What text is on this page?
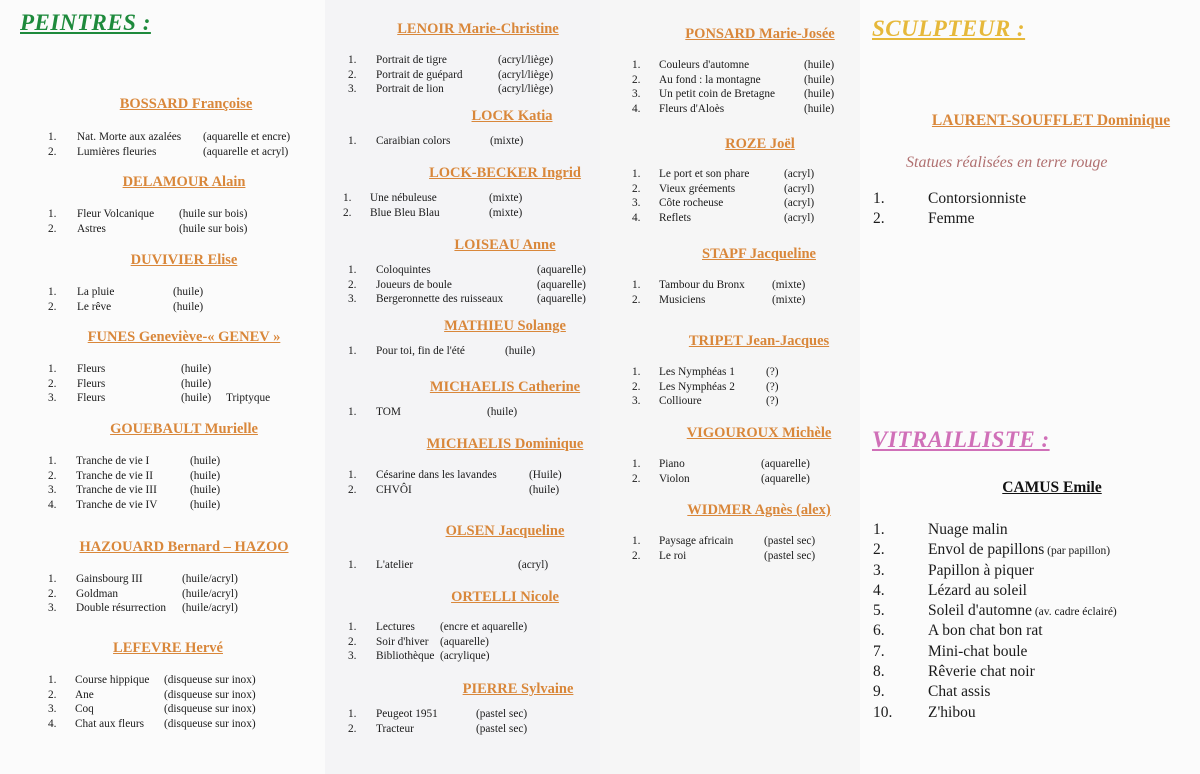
PEINTRES :	SCULPTEUR :
VITRAILLISTE :
BOSSARD Françoise
1. Nat. Morte aux azalées (aquarelle et encre)
2. Lumières fleuries	(aquarelle et acryl)
DELAMOUR Alain
1. Fleur Volcanique (huile sur bois)
2. Astres	(huile sur bois)
DUVIVIER Elise
1. La pluie	(huile)
2. Le rêve	(huile)
FUNES Geneviève-« GENEV »
1. Fleurs	(huile)
2. Fleurs	(huile)
3. Fleurs	(huile) Triptyque
GOUEBAULT Murielle
1. Tranche de vie I	(huile)
2. Tranche de vie II	(huile)
3. Tranche de vie III	(huile)
4. Tranche de vie IV	(huile)
HAZOUARD Bernard – HAZOO
1. Gainsbourg III	(huile/acryl)
2. Goldman	(huile/acryl)
3. Double résurrection (huile/acryl)
LEFEVRE Hervé
1. Course hippique (disqueuse sur inox)
2. Ane	(disqueuse sur inox)
3. Coq	(disqueuse sur inox)
4. Chat aux fleurs (disqueuse sur inox)
LENOIR Marie-Christine
1. Portrait de tigre	(acryl/liège)
2. Portrait de guépard	(acryl/liège)
3. Portrait de lion	(acryl/liège)
LOCK Katia
1. Caraibian colors	(mixte)
LOCK-BECKER Ingrid
1. Une nébuleuse	(mixte)
2. Blue Bleu Blau	(mixte)
LOISEAU Anne
1. Coloquintes	(aquarelle)
2. Joueurs de boule	(aquarelle)
3. Bergeronnette des ruisseaux	(aquarelle)
MATHIEU Solange
1. Pour toi, fin de l'été	(huile)
MICHAELIS Catherine
1. TOM	(huile)
MICHAELIS Dominique
1. Césarine dans les lavandes	(Huile)
2. CHVÔI	(huile)
OLSEN Jacqueline
1. L'atelier	(acryl)
ORTELLI Nicole
1. Lectures (encre et aquarelle)
2. Soir d'hiver (aquarelle)
3. Bibliothèque (acrylique)
PIERRE Sylvaine
1. Peugeot 1951	(pastel sec)
2. Tracteur	(pastel sec)
PONSARD Marie-Josée
1. Couleurs d'automne	(huile)
2. Au fond : la montagne	(huile)
3. Un petit coin de Bretagne	(huile)
4. Fleurs d'Aloès	(huile)
ROZE Joël
1. Le port et son phare	(acryl)
2. Vieux gréements	(acryl)
3. Côte rocheuse	(acryl)
4. Reflets	(acryl)
STAPF Jacqueline
1. Tambour du Bronx (mixte)
2. Musiciens	(mixte)
TRIPET Jean-Jacques
1. Les Nymphéas 1	(?)
2. Les Nymphéas 2	(?)
3. Collioure	(?)
VIGOUROUX Michèle
1. Piano	(aquarelle)
2. Violon	(aquarelle)
WIDMER Agnès (alex)
1. Paysage africain	(pastel sec)
2. Le roi	(pastel sec)
LAURENT-SOUFFLET Dominique
Statues réalisées en terre rouge
1.	Contorsionniste
2.	Femme
CAMUS Emile
1.	Nuage malin
2.	Envol de papillons (par papillon)
3.	Papillon à piquer
4.	Lézard au soleil
5.	Soleil d'automne (av. cadre éclairé)
6.	A bon chat bon rat
7.	Mini-chat boule
8.	Rêverie chat noir
9.	Chat assis
10. Z'hibou
